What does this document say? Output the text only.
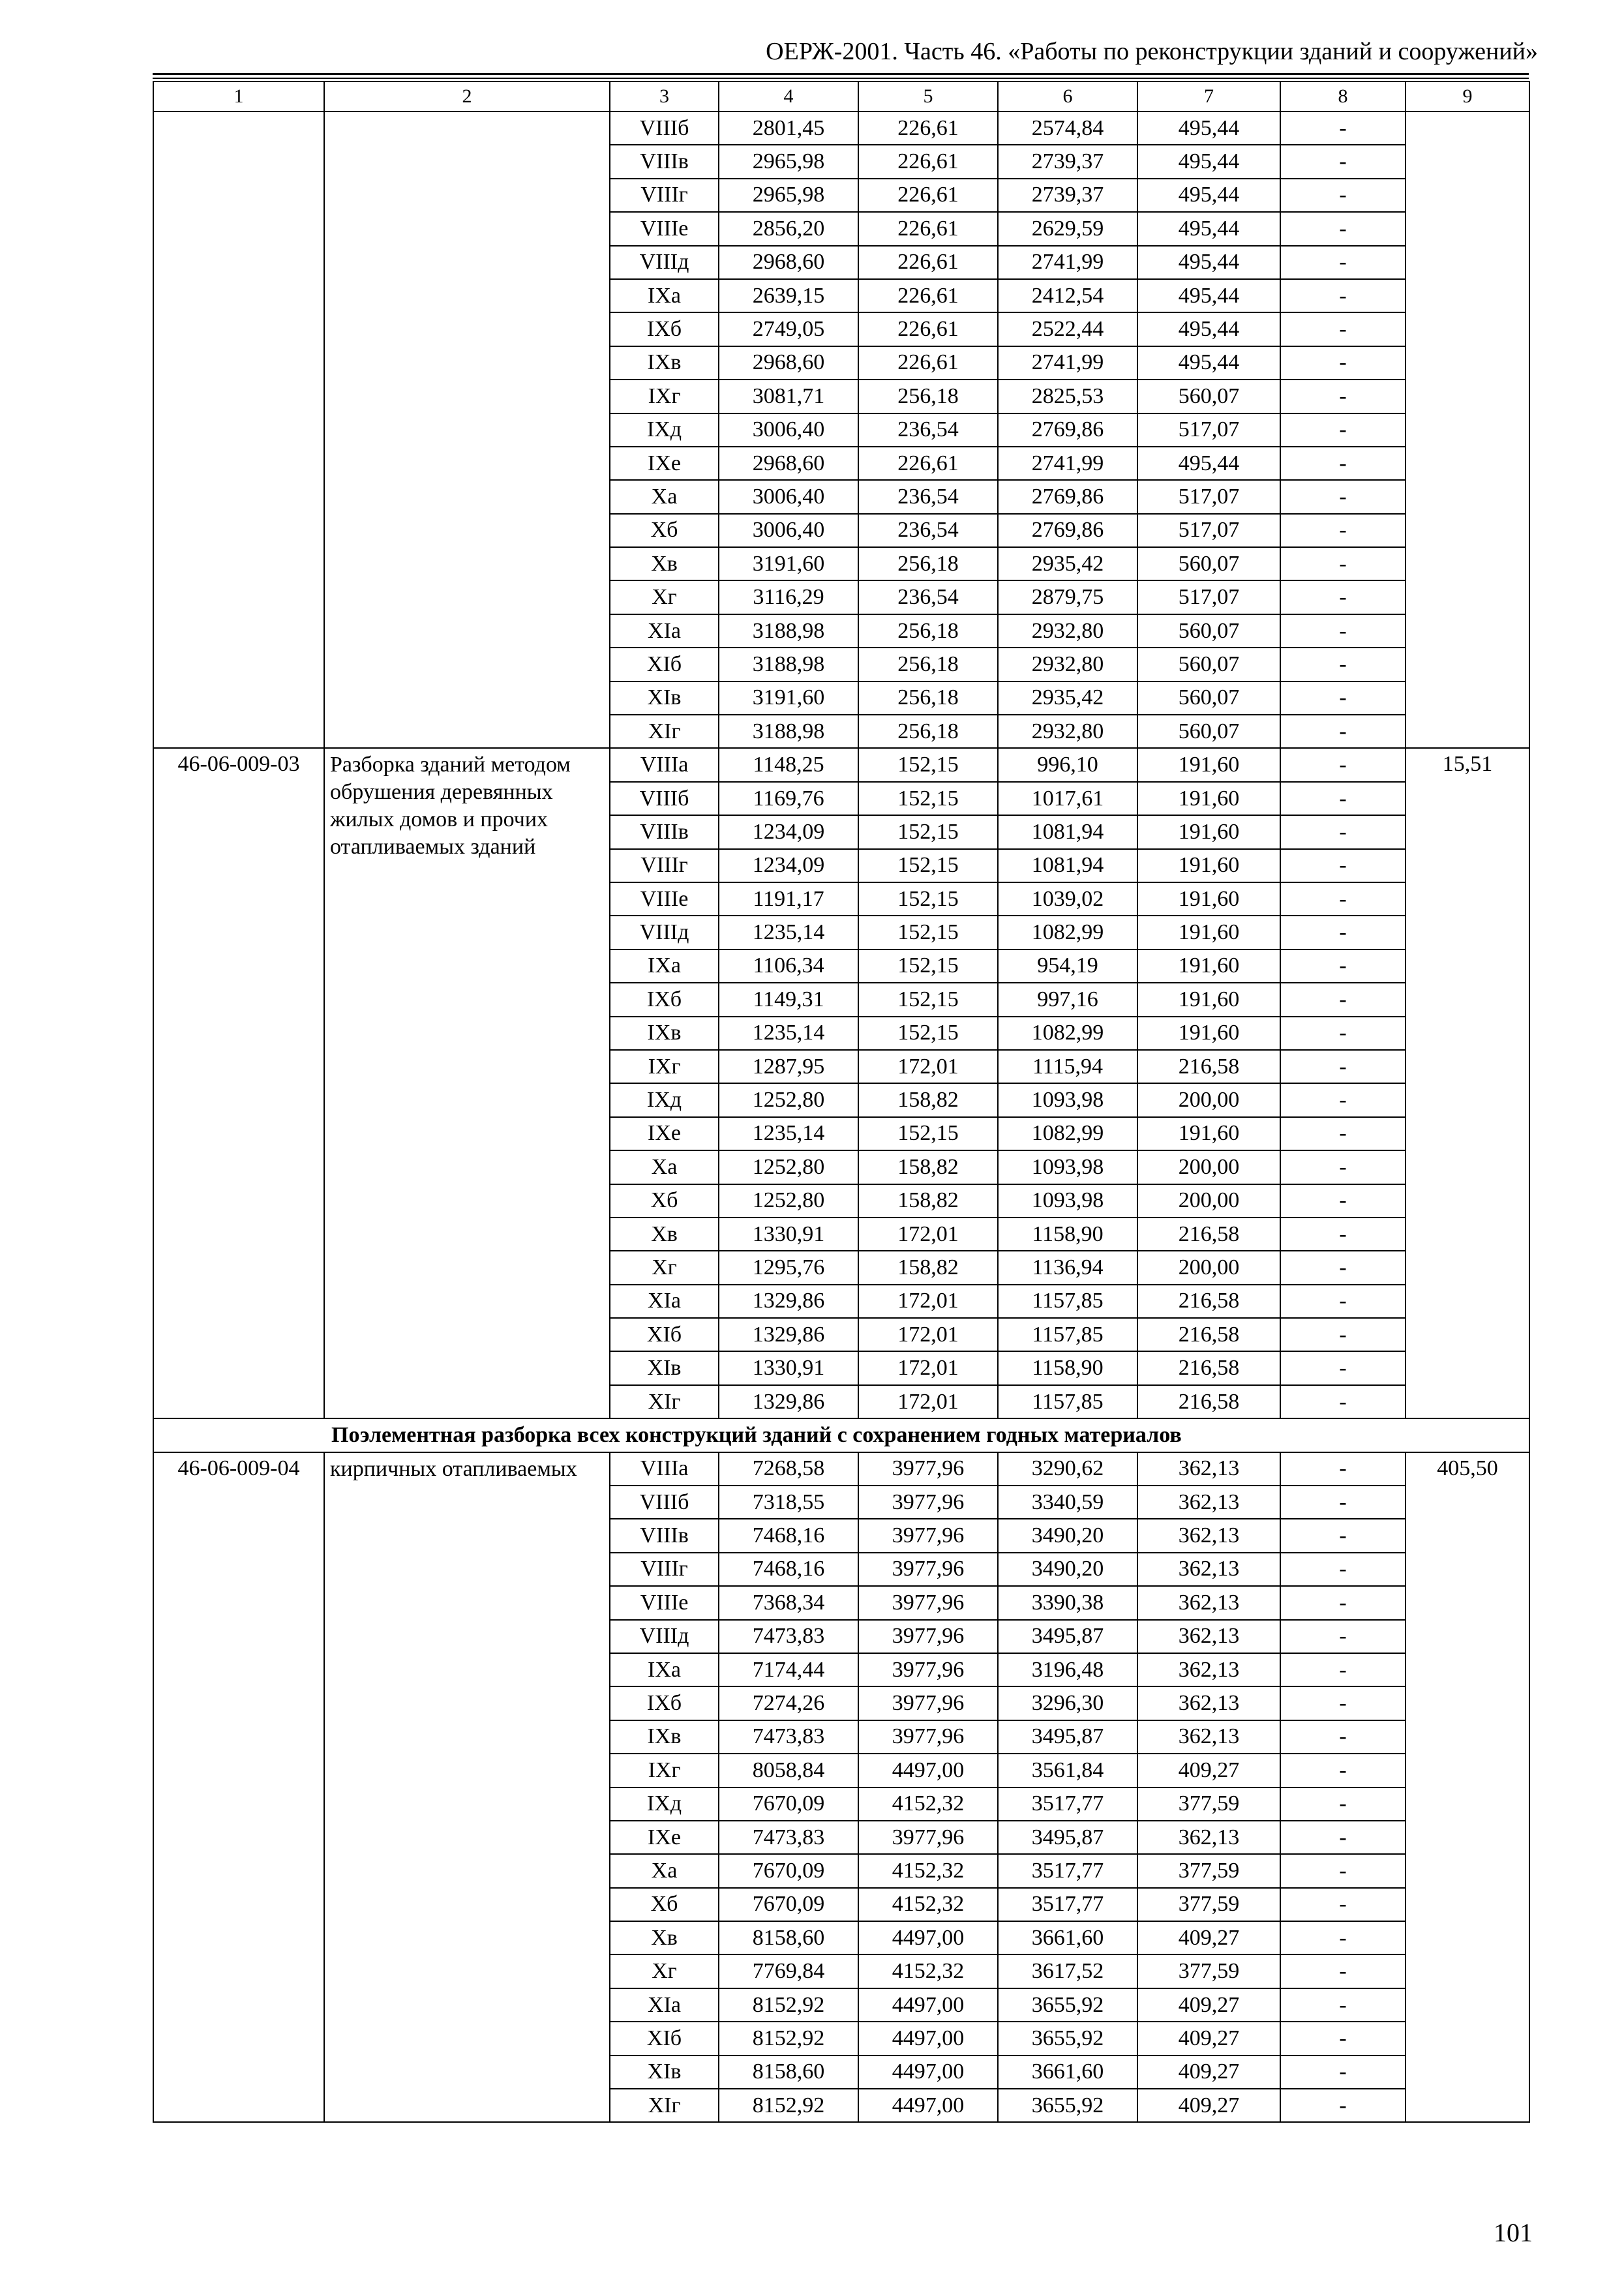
ОЕРЖ-2001. Часть 46. «Работы по реконструкции зданий и сооружений»
1	2	3	4	5	6	7	8	9
		VIIIб	2801,45	226,61	2574,84	495,44	-	
		VIIIв	2965,98	226,61	2739,37	495,44	-	
		VIIIг	2965,98	226,61	2739,37	495,44	-	
		VIIIе	2856,20	226,61	2629,59	495,44	-	
		VIIIд	2968,60	226,61	2741,99	495,44	-	
		IXа	2639,15	226,61	2412,54	495,44	-	
		IXб	2749,05	226,61	2522,44	495,44	-	
		IXв	2968,60	226,61	2741,99	495,44	-	
		IXг	3081,71	256,18	2825,53	560,07	-	
		IXд	3006,40	236,54	2769,86	517,07	-	
		IXе	2968,60	226,61	2741,99	495,44	-	
		Xа	3006,40	236,54	2769,86	517,07	-	
		Xб	3006,40	236,54	2769,86	517,07	-	
		Xв	3191,60	256,18	2935,42	560,07	-	
		Xг	3116,29	236,54	2879,75	517,07	-	
		XIа	3188,98	256,18	2932,80	560,07	-	
		XIб	3188,98	256,18	2932,80	560,07	-	
		XIв	3191,60	256,18	2935,42	560,07	-	
		XIг	3188,98	256,18	2932,80	560,07	-	
46-06-009-03	Разборка зданий методом обрушения деревянных жилых домов и прочих отапливаемых зданий	VIIIа	1148,25	152,15	996,10	191,60	-	15,51
		VIIIб	1169,76	152,15	1017,61	191,60	-	
		VIIIв	1234,09	152,15	1081,94	191,60	-	
		VIIIг	1234,09	152,15	1081,94	191,60	-	
		VIIIе	1191,17	152,15	1039,02	191,60	-	
		VIIIд	1235,14	152,15	1082,99	191,60	-	
		IXа	1106,34	152,15	954,19	191,60	-	
		IXб	1149,31	152,15	997,16	191,60	-	
		IXв	1235,14	152,15	1082,99	191,60	-	
		IXг	1287,95	172,01	1115,94	216,58	-	
		IXд	1252,80	158,82	1093,98	200,00	-	
		IXе	1235,14	152,15	1082,99	191,60	-	
		Xа	1252,80	158,82	1093,98	200,00	-	
		Xб	1252,80	158,82	1093,98	200,00	-	
		Xв	1330,91	172,01	1158,90	216,58	-	
		Xг	1295,76	158,82	1136,94	200,00	-	
		XIа	1329,86	172,01	1157,85	216,58	-	
		XIб	1329,86	172,01	1157,85	216,58	-	
		XIв	1330,91	172,01	1158,90	216,58	-	
		XIг	1329,86	172,01	1157,85	216,58	-	
Поэлементная разборка всех конструкций зданий с сохранением годных материалов								
46-06-009-04	кирпичных отапливаемых	VIIIа	7268,58	3977,96	3290,62	362,13	-	405,50
		VIIIб	7318,55	3977,96	3340,59	362,13	-	
		VIIIв	7468,16	3977,96	3490,20	362,13	-	
		VIIIг	7468,16	3977,96	3490,20	362,13	-	
		VIIIе	7368,34	3977,96	3390,38	362,13	-	
		VIIIд	7473,83	3977,96	3495,87	362,13	-	
		IXа	7174,44	3977,96	3196,48	362,13	-	
		IXб	7274,26	3977,96	3296,30	362,13	-	
		IXв	7473,83	3977,96	3495,87	362,13	-	
		IXг	8058,84	4497,00	3561,84	409,27	-	
		IXд	7670,09	4152,32	3517,77	377,59	-	
		IXе	7473,83	3977,96	3495,87	362,13	-	
		Xа	7670,09	4152,32	3517,77	377,59	-	
		Xб	7670,09	4152,32	3517,77	377,59	-	
		Xв	8158,60	4497,00	3661,60	409,27	-	
		Xг	7769,84	4152,32	3617,52	377,59	-	
		XIа	8152,92	4497,00	3655,92	409,27	-	
		XIб	8152,92	4497,00	3655,92	409,27	-	
		XIв	8158,60	4497,00	3661,60	409,27	-	
		XIг	8152,92	4497,00	3655,92	409,27	-	
101
